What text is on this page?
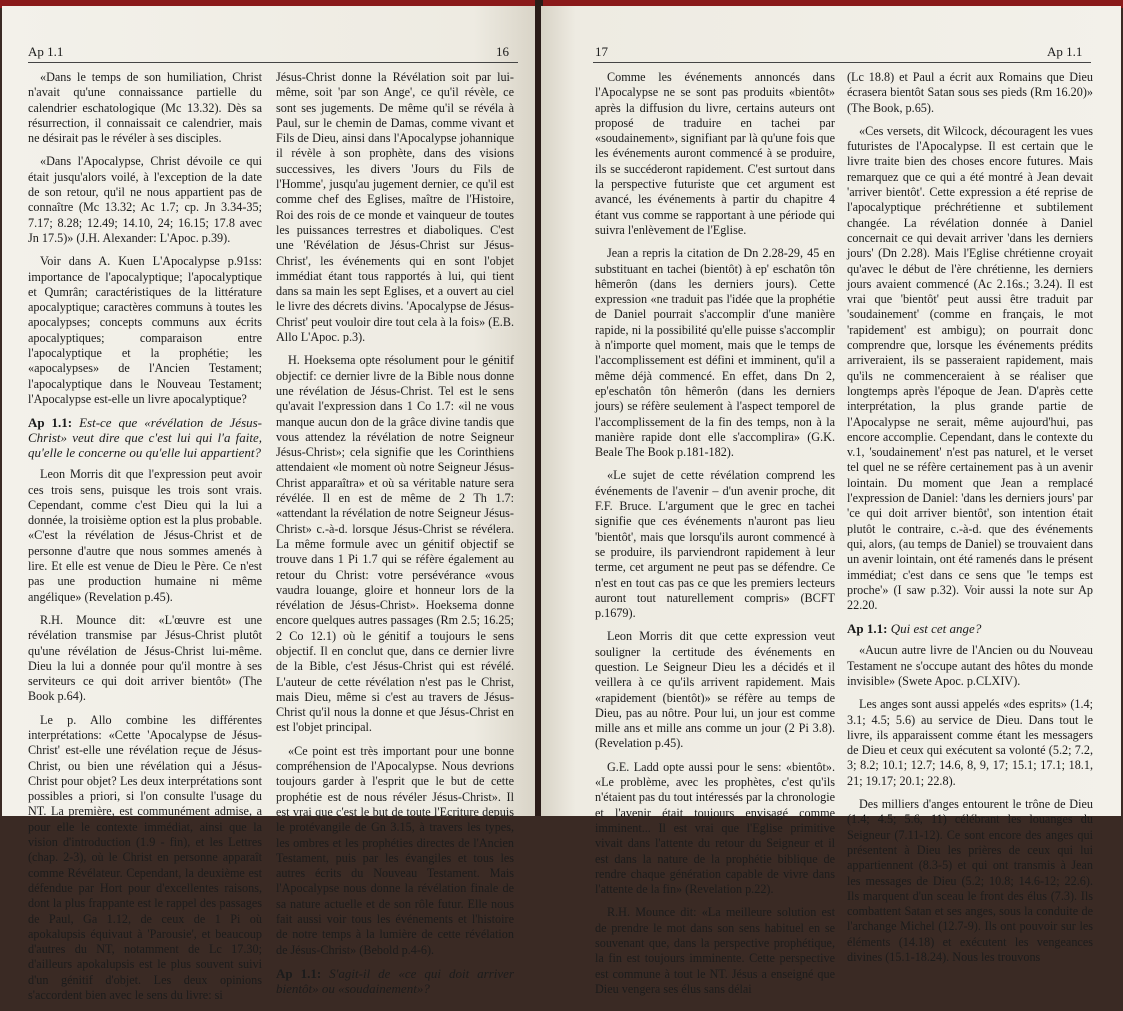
Ap 1.1	16

«Dans le temps de son humiliation, Christ n'avait qu'une connaissance partielle du calendrier eschatologique (Mc 13.32). Dès sa résurrection, il connaissait ce calendrier, mais ne désirait pas le révéler à ses disciples.

«Dans l'Apocalypse, Christ dévoile ce qui était jusqu'alors voilé, à l'exception de la date de son retour, qu'il ne nous appartient pas de connaître (Mc 13.32; Ac 1.7; cp. Jn 3.34-35; 7.17; 8.28; 12.49; 14.10, 24; 16.15; 17.8 avec Jn 17.5)» (J.H. Alexander: L'Apoc. p.39).

Voir dans A. Kuen L'Apocalypse p.91ss: importance de l'apocalyptique; l'apocalyptique et Qumrân; caractéristiques de la littérature apocalyptique; caractères communs à toutes les apocalypses; concepts communs aux écrits apocalyptiques; comparaison entre l'apocalyptique et la prophétie; les «apocalypses» de l'Ancien Testament; l'apocalyptique dans le Nouveau Testament; l'Apocalypse est-elle un livre apocalyptique?

Ap 1.1: Est-ce que «révélation de Jésus-Christ» veut dire que c'est lui qui l'a faite, qu'elle le concerne ou qu'elle lui appartient?

Leon Morris dit que l'expression peut avoir ces trois sens, puisque les trois sont vrais. Cependant, comme c'est Dieu qui la lui a donnée, la troisième option est la plus probable. «C'est la révélation de Jésus-Christ et de personne d'autre que nous sommes amenés à lire. Et elle est venue de Dieu le Père. Ce n'est pas une production humaine ni même angélique» (Revelation p.45).

R.H. Mounce dit: «L'œuvre est une révélation transmise par Jésus-Christ plutôt qu'une révélation de Jésus-Christ lui-même. Dieu la lui a donnée pour qu'il montre à ses serviteurs ce qui doit arriver bientôt» (The Book p.64).

Le p. Allo combine les différentes interprétations: «Cette 'Apocalypse de Jésus-Christ' est-elle une révélation reçue de Jésus-Christ, ou bien une révélation qui a Jésus-Christ pour objet? Les deux interprétations sont possibles a priori, si l'on consulte l'usage du NT. La première, est communément admise, a pour elle le contexte immédiat, ainsi que la vision d'introduction (1.9 - fin), et les Lettres (chap. 2-3), où le Christ en personne apparaît comme Révélateur. Cependant, la deuxième est défendue par Hort pour d'excellentes raisons, dont la plus frappante est le rappel des passages de Paul, Ga 1.12, de ceux de 1 Pi où apokalupsis équivaut à 'Parousie', et beaucoup d'autres du NT, notamment de Lc 17.30; d'ailleurs apokalupsis est le plus souvent suivi d'un génitif d'objet. Les deux opinions s'accordent bien avec le sens du livre: si

Jésus-Christ donne la Révélation soit par lui-même, soit 'par son Ange', ce qu'il révèle, ce sont ses jugements. De même qu'il se révéla à Paul, sur le chemin de Damas, comme vivant et Fils de Dieu, ainsi dans l'Apocalypse johannique il révèle à son prophète, dans des visions successives, les divers 'Jours du Fils de l'Homme', jusqu'au jugement dernier, ce qu'il est comme chef des Eglises, maître de l'Histoire, Roi des rois de ce monde et vainqueur de toutes les puissances terrestres et diaboliques. C'est une 'Révélation de Jésus-Christ sur Jésus-Christ', les événements qui en sont l'objet immédiat étant tous rapportés à lui, qui tient dans sa main les sept Eglises, et a ouvert au ciel le livre des décrets divins. 'Apocalypse de Jésus-Christ' peut vouloir dire tout cela à la fois» (E.B. Allo L'Apoc. p.3).

H. Hoeksema opte résolument pour le génitif objectif: ce dernier livre de la Bible nous donne une révélation de Jésus-Christ. Tel est le sens qu'avait l'expression dans 1 Co 1.7: «il ne vous manque aucun don de la grâce divine tandis que vous attendez la révélation de notre Seigneur Jésus-Christ»; cela signifie que les Corinthiens attendaient «le moment où notre Seigneur Jésus-Christ apparaîtra» et où sa véritable nature sera révélée. Il en est de même de 2 Th 1.7: «attendant la révélation de notre Seigneur Jésus-Christ» c.-à-d. lorsque Jésus-Christ se révélera. La même formule avec un génitif objectif se trouve dans 1 Pi 1.7 qui se réfère également au retour du Christ: votre persévérance «vous vaudra louange, gloire et honneur lors de la révélation de Jésus-Christ». Hoeksema donne encore quelques autres passages (Rm 2.5; 16.25; 2 Co 12.1) où le génitif a toujours le sens objectif. Il en conclut que, dans ce dernier livre de la Bible, c'est Jésus-Christ qui est révélé. L'auteur de cette révélation n'est pas le Christ, mais Dieu, même si c'est au travers de Jésus-Christ qu'il nous la donne et que Jésus-Christ en est l'objet principal.

«Ce point est très important pour une bonne compréhension de l'Apocalypse. Nous devrions toujours garder à l'esprit que le but de cette prophétie est de nous révéler Jésus-Christ». Il est vrai que c'est le but de toute l'Ecriture depuis le protévangile de Gn 3.15, à travers les types, les ombres et les prophéties directes de l'Ancien Testament, puis par les évangiles et tous les autres écrits du Nouveau Testament. Mais l'Apocalypse nous donne la révélation finale de sa nature actuelle et de son rôle futur. Elle nous fait aussi voir tous les événements et l'histoire de notre temps à la lumière de cette révélation de Jésus-Christ» (Bebold p.4-6).

Ap 1.1: S'agit-il de «ce qui doit arriver bientôt» ou «soudainement»?
17	Ap 1.1

Comme les événements annoncés dans l'Apocalypse ne se sont pas produits «bientôt» après la diffusion du livre, certains auteurs ont proposé de traduire en tachei par «soudainement», signifiant par là qu'une fois que les événements auront commencé à se produire, ils se succéderont rapidement. C'est surtout dans la perspective futuriste que cet argument est avancé, les événements à partir du chapitre 4 étant vus comme se rapportant à une période qui suivra l'enlèvement de l'Eglise.

Jean a repris la citation de Dn 2.28-29, 45 en substituant en tachei (bientôt) à ep' eschatôn tôn hêmerôn (dans les derniers jours). Cette expression «ne traduit pas l'idée que la prophétie de Daniel pourrait s'accomplir d'une manière rapide, ni la possibilité qu'elle puisse s'accomplir à n'importe quel moment, mais que le temps de l'accomplissement est défini et imminent, qu'il a même déjà commencé. En effet, dans Dn 2, ep'eschatôn tôn hêmerôn (dans les derniers jours) se réfère seulement à l'aspect temporel de l'accomplissement de la fin des temps, non à la manière rapide dont elle s'accomplira» (G.K. Beale The Book p.181-182).

«Le sujet de cette révélation comprend les événements de l'avenir – d'un avenir proche, dit F.F. Bruce. L'argument que le grec en tachei signifie que ces événements n'auront pas lieu 'bientôt', mais que lorsqu'ils auront commencé à se produire, ils parviendront rapidement à leur terme, cet argument ne peut pas se défendre. Ce n'est en tout cas pas ce que les premiers lecteurs auront tout naturellement compris» (BCFT p.1679).

Leon Morris dit que cette expression veut souligner la certitude des événements en question. Le Seigneur Dieu les a décidés et il veillera à ce qu'ils arrivent rapidement. Mais «rapidement (bientôt)» se réfère au temps de Dieu, pas au nôtre. Pour lui, un jour est comme mille ans et mille ans comme un jour (2 Pi 3.8). (Revelation p.45).

G.E. Ladd opte aussi pour le sens: «bientôt». «Le problème, avec les prophètes, c'est qu'ils n'étaient pas du tout intéressés par la chronologie et l'avenir était toujours envisagé comme imminent... Il est vrai que l'Eglise primitive vivait dans l'attente du retour du Seigneur et il est dans la nature de la prophétie biblique de rendre chaque génération capable de vivre dans l'attente de la fin» (Revelation p.22).

R.H. Mounce dit: «La meilleure solution est de prendre le mot dans son sens habituel en se souvenant que, dans la perspective prophétique, la fin est toujours imminente. Cette perspective est commune à tout le NT. Jésus a enseigné que Dieu vengera ses élus sans délai

(Lc 18.8) et Paul a écrit aux Romains que Dieu écrasera bientôt Satan sous ses pieds (Rm 16.20)» (The Book, p.65).

«Ces versets, dit Wilcock, découragent les vues futuristes de l'Apocalypse. Il est certain que le livre traite bien des choses encore futures. Mais remarquez que ce qui a été montré à Jean devait 'arriver bientôt'. Cette expression a été reprise de l'apocalyptique préchrétienne et subtilement changée. La révélation donnée à Daniel concernait ce qui devait arriver 'dans les derniers jours' (Dn 2.28). Mais l'Eglise chrétienne croyait qu'avec le début de l'ère chrétienne, les derniers jours avaient commencé (Ac 2.16s.; 3.24). Il est vrai que 'bientôt' peut aussi être traduit par 'soudainement' (comme en français, le mot 'rapidement' est ambigu); on pourrait donc comprendre que, lorsque les événements prédits arriveraient, ils se passeraient rapidement, mais qu'ils ne commenceraient à se réaliser que longtemps après l'époque de Jean. D'après cette interprétation, la plus grande partie de l'Apocalypse ne serait, même aujourd'hui, pas encore accomplie. Cependant, dans le contexte du v.1, 'soudainement' n'est pas naturel, et le verset tel quel ne se réfère certainement pas à un avenir lointain. Du moment que Jean a remplacé l'expression de Daniel: 'dans les derniers jours' par 'ce qui doit arriver bientôt', son intention était plutôt le contraire, c.-à-d. que des événements qui, alors, (au temps de Daniel) se trouvaient dans un avenir lointain, ont été ramenés dans le présent immédiat; c'est dans ce sens que 'le temps est proche'» (I saw p.32). Voir aussi la note sur Ap 22.20.

Ap 1.1: Qui est cet ange?

«Aucun autre livre de l'Ancien ou du Nouveau Testament ne s'occupe autant des hôtes du monde invisible» (Swete Apoc. p.CLXIV).

Les anges sont aussi appelés «des esprits» (1.4; 3.1; 4.5; 5.6) au service de Dieu. Dans tout le livre, ils apparaissent comme étant les messagers de Dieu et ceux qui exécutent sa volonté (5.2; 7.2, 3; 8.2; 10.1; 12.7; 14.6, 8, 9, 17; 15.1; 17.1; 18.1, 21; 19.17; 20.1; 22.8).

Des milliers d'anges entourent le trône de Dieu (1.4; 4.5; 5.6, 11) célébrant les louanges du Seigneur (7.11-12). Ce sont encore des anges qui présentent à Dieu les prières de ceux qui lui appartiennent (8.3-5) et qui ont transmis à Jean les messages de Dieu (5.2; 10.8; 14.6-12; 22.6). Ils marquent d'un sceau le front des élus (7.3). Ils combattent Satan et ses anges, sous la conduite de l'archange Michel (12.7-9). Ils ont pouvoir sur les éléments (14.18) et exécutent les vengeances divines (15.1-18.24). Nous les trouvons
